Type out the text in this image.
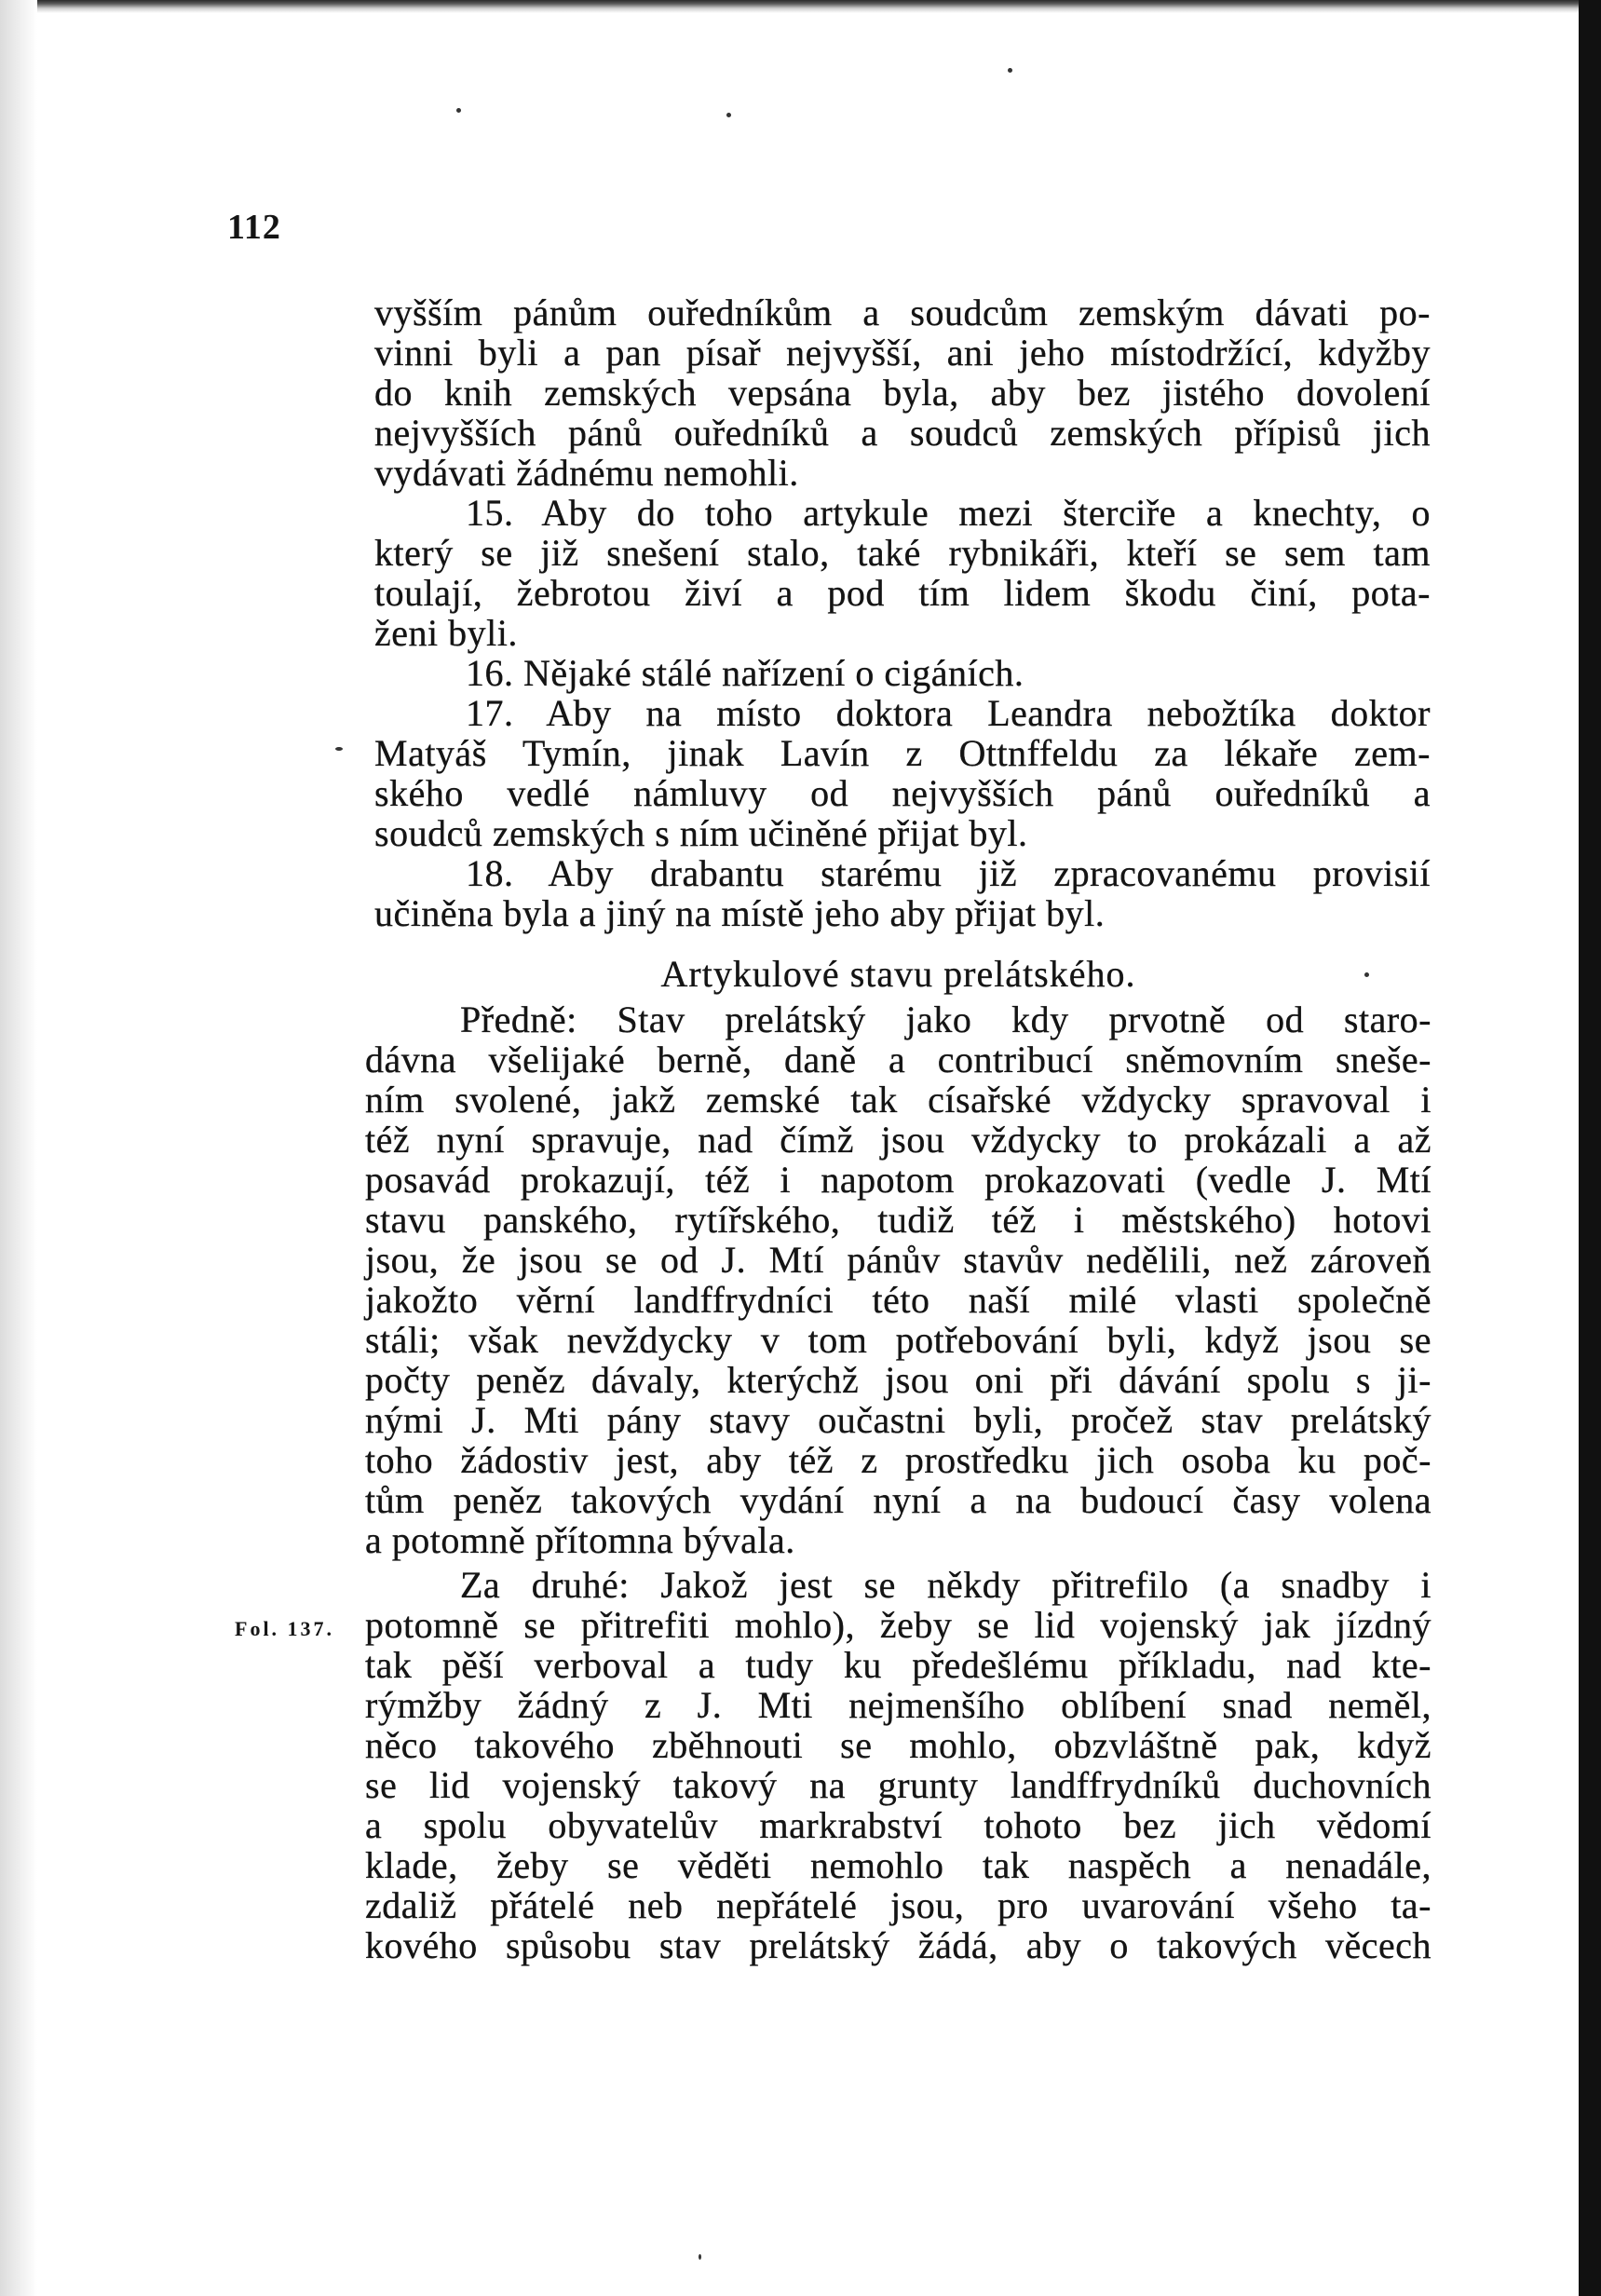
112
Fol. 137.
vyšším pánům ouředníkům a soudcům zemským dávati po-
vinni byli a pan písař nejvyšší, ani jeho místodržící, kdyžby
do knih zemských vepsána byla, aby bez jistého dovolení
nejvyšších pánů ouředníků a soudců zemských přípisů jich
vydávati žádnému nemohli.
15. Aby do toho artykule mezi šterciře a knechty, o
který se již snešení stalo, také rybnikáři, kteří se sem tam
toulají, žebrotou živí a pod tím lidem škodu činí, pota-
ženi byli.
16. Nějaké stálé nařízení o cigáních.
17. Aby na místo doktora Leandra nebožtíka doktor
Matyáš Tymín, jinak Lavín z Ottnffeldu za lékaře zem-
ského vedlé námluvy od nejvyšších pánů ouředníků a
soudců zemských s ním učiněné přijat byl.
18. Aby drabantu starému již zpracovanému provisií
učiněna byla a jiný na místě jeho aby přijat byl.
Artykulové stavu prelátského.
Předně: Stav prelátský jako kdy prvotně od staro-
dávna všelijaké berně, daně a contribucí sněmovním sneše-
ním svolené, jakž zemské tak císařské vždycky spravoval i
též nyní spravuje, nad čímž jsou vždycky to prokázali a až
posavád prokazují, též i napotom prokazovati (vedle J. Mtí
stavu panského, rytířského, tudiž též i městského) hotovi
jsou, že jsou se od J. Mtí pánův stavův nedělili, než zároveň
jakožto věrní landffrydníci této naší milé vlasti společně
stáli; však nevždycky v tom potřebování byli, když jsou se
počty peněz dávaly, kterýchž jsou oni při dávání spolu s ji-
nými J. Mti pány stavy oučastni byli, pročež stav prelátský
toho žádostiv jest, aby též z prostředku jich osoba ku poč-
tům peněz takových vydání nyní a na budoucí časy volena
a potomně přítomna bývala.
Za druhé: Jakož jest se někdy přitrefilo (a snadby i
potomně se přitrefiti mohlo), žeby se lid vojenský jak jízdný
tak pěší verboval a tudy ku předešlému příkladu, nad kte-
rýmžby žádný z J. Mti nejmenšího oblíbení snad neměl,
něco takového zběhnouti se mohlo, obzvláštně pak, když
se lid vojenský takový na grunty landffrydníků duchovních
a spolu obyvatelův markrabství tohoto bez jich vědomí
klade, žeby se věděti nemohlo tak naspěch a nenadále,
zdaliž přátelé neb nepřátelé jsou, pro uvarování všeho ta-
kového spůsobu stav prelátský žádá, aby o takových věcech
